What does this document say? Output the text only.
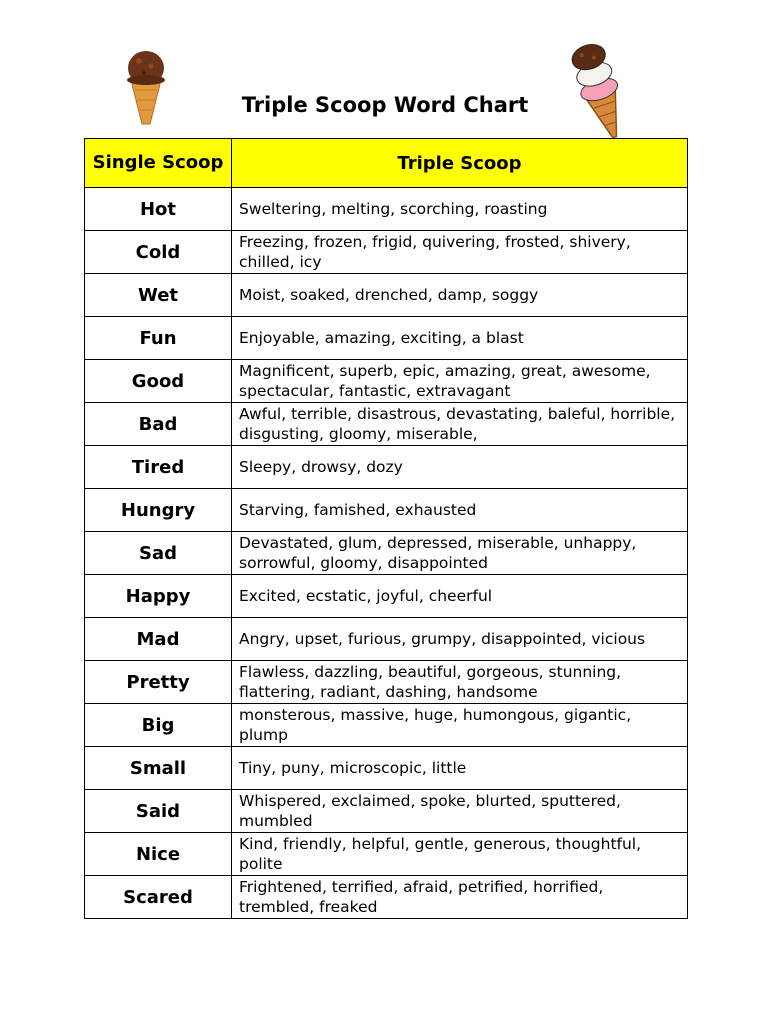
Triple Scoop Word Chart
Single Scoop	Triple Scoop
Hot	Sweltering, melting, scorching, roasting
Cold	Freezing, frozen, frigid, quivering, frosted, shivery, chilled, icy
Wet	Moist, soaked, drenched, damp, soggy
Fun	Enjoyable, amazing, exciting, a blast
Good	Magnificent, superb, epic, amazing, great, awesome, spectacular, fantastic, extravagant
Bad	Awful, terrible, disastrous, devastating, baleful, horrible, disgusting, gloomy, miserable,
Tired	Sleepy, drowsy, dozy
Hungry	Starving, famished, exhausted
Sad	Devastated, glum, depressed, miserable, unhappy, sorrowful, gloomy, disappointed
Happy	Excited, ecstatic, joyful, cheerful
Mad	Angry, upset, furious, grumpy, disappointed, vicious
Pretty	Flawless, dazzling, beautiful, gorgeous, stunning, flattering, radiant, dashing, handsome
Big	monsterous, massive, huge, humongous, gigantic, plump
Small	Tiny, puny, microscopic, little
Said	Whispered, exclaimed, spoke, blurted, sputtered, mumbled
Nice	Kind, friendly, helpful, gentle, generous, thoughtful, polite
Scared	Frightened, terrified, afraid, petrified, horrified, trembled, freaked
